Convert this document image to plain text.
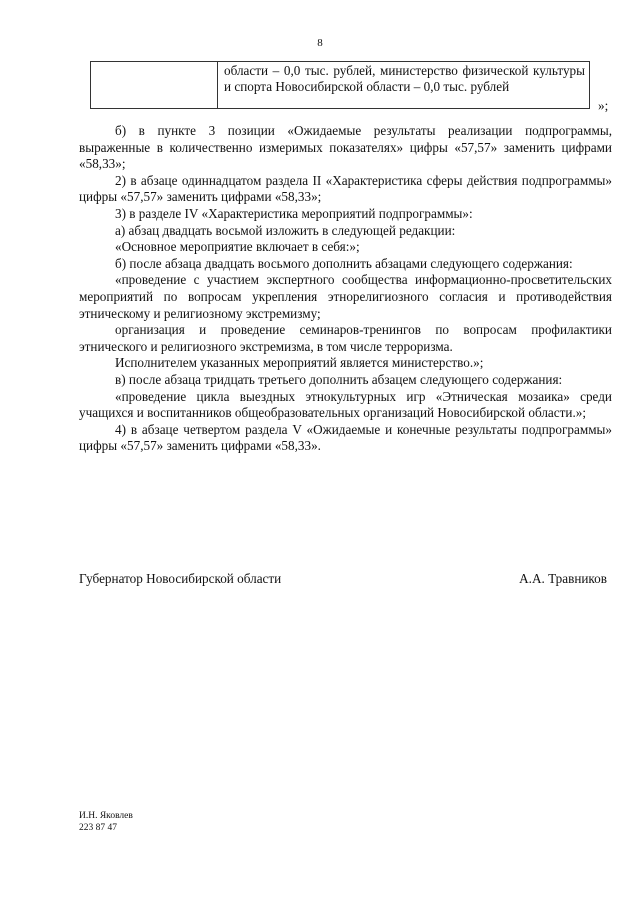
8
	области – 0,0 тыс. рублей, министерство физической культуры и спорта Новосибирской области – 0,0 тыс. рублей
»;

б) в пункте 3 позиции «Ожидаемые результаты реализации подпрограммы, выраженные в количественно измеримых показателях» цифры «57,57» заменить цифрами «58,33»;

2) в абзаце одиннадцатом раздела II «Характеристика сферы действия подпрограммы» цифры «57,57» заменить цифрами «58,33»;

3) в разделе IV «Характеристика мероприятий подпрограммы»:

а) абзац двадцать восьмой изложить в следующей редакции:

«Основное мероприятие включает в себя:»;

б) после абзаца двадцать восьмого дополнить абзацами следующего содержания:

«проведение с участием экспертного сообщества информационно-просветительских мероприятий по вопросам укрепления этнорелигиозного согласия и противодействия этническому и религиозному экстремизму;

организация и проведение семинаров-тренингов по вопросам профилактики этнического и религиозного экстремизма, в том числе терроризма.

Исполнителем указанных мероприятий является министерство.»;

в) после абзаца тридцать третьего дополнить абзацем следующего содержания:

«проведение цикла выездных этнокультурных игр «Этническая мозаика» среди учащихся и воспитанников общеобразовательных организаций Новосибирской области.»;

4) в абзаце четвертом раздела V «Ожидаемые и конечные результаты подпрограммы» цифры «57,57» заменить цифрами «58,33».

Губернатор Новосибирской области	А.А. Травников
И.Н. Яковлев
223 87 47
